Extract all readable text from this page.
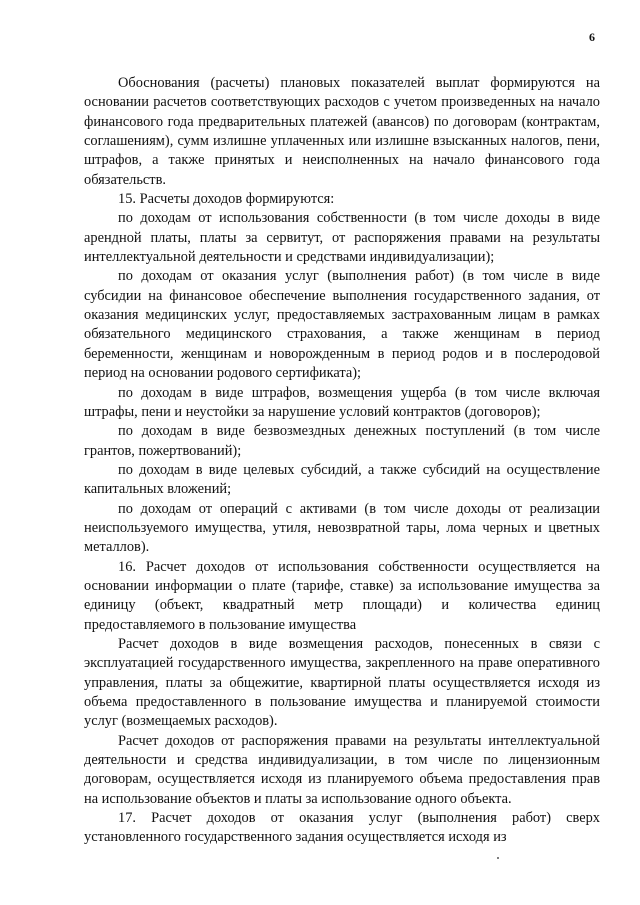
6

Обоснования (расчеты) плановых показателей выплат формируются на основании расчетов соответствующих расходов с учетом произведенных на начало финансового года предварительных платежей (авансов) по договорам (контрактам, соглашениям), сумм излишне уплаченных или излишне взысканных налогов, пени, штрафов, а также принятых и неисполненных на начало финансового года обязательств.

15. Расчеты доходов формируются:

по доходам от использования собственности (в том числе доходы в виде арендной платы, платы за сервитут, от распоряжения правами на результаты интеллектуальной деятельности и средствами индивидуализации);

по доходам от оказания услуг (выполнения работ) (в том числе в виде субсидии на финансовое обеспечение выполнения государственного задания, от оказания медицинских услуг, предоставляемых застрахованным лицам в рамках обязательного медицинского страхования, а также женщинам в период беременности, женщинам и новорожденным в период родов и в послеродовой период на основании родового сертификата);

по доходам в виде штрафов, возмещения ущерба (в том числе включая штрафы, пени и неустойки за нарушение условий контрактов (договоров);

по доходам в виде безвозмездных денежных поступлений (в том числе грантов, пожертвований);

по доходам в виде целевых субсидий, а также субсидий на осуществление капитальных вложений;

по доходам от операций с активами (в том числе доходы от реализации неиспользуемого имущества, утиля, невозвратной тары, лома черных и цветных металлов).

16. Расчет доходов от использования собственности осуществляется на основании информации о плате (тарифе, ставке) за использование имущества за единицу (объект, квадратный метр площади) и количества единиц предоставляемого в пользование имущества

Расчет доходов в виде возмещения расходов, понесенных в связи с эксплуатацией государственного имущества, закрепленного на праве оперативного управления, платы за общежитие, квартирной платы осуществляется исходя из объема предоставленного в пользование имущества и планируемой стоимости услуг (возмещаемых расходов).

Расчет доходов от распоряжения правами на результаты интеллектуальной деятельности и средства индивидуализации, в том числе по лицензионным договорам, осуществляется исходя из планируемого объема предоставления прав на использование объектов и платы за использование одного объекта.

17. Расчет доходов от оказания услуг (выполнения работ) сверх установленного государственного задания осуществляется исходя из
